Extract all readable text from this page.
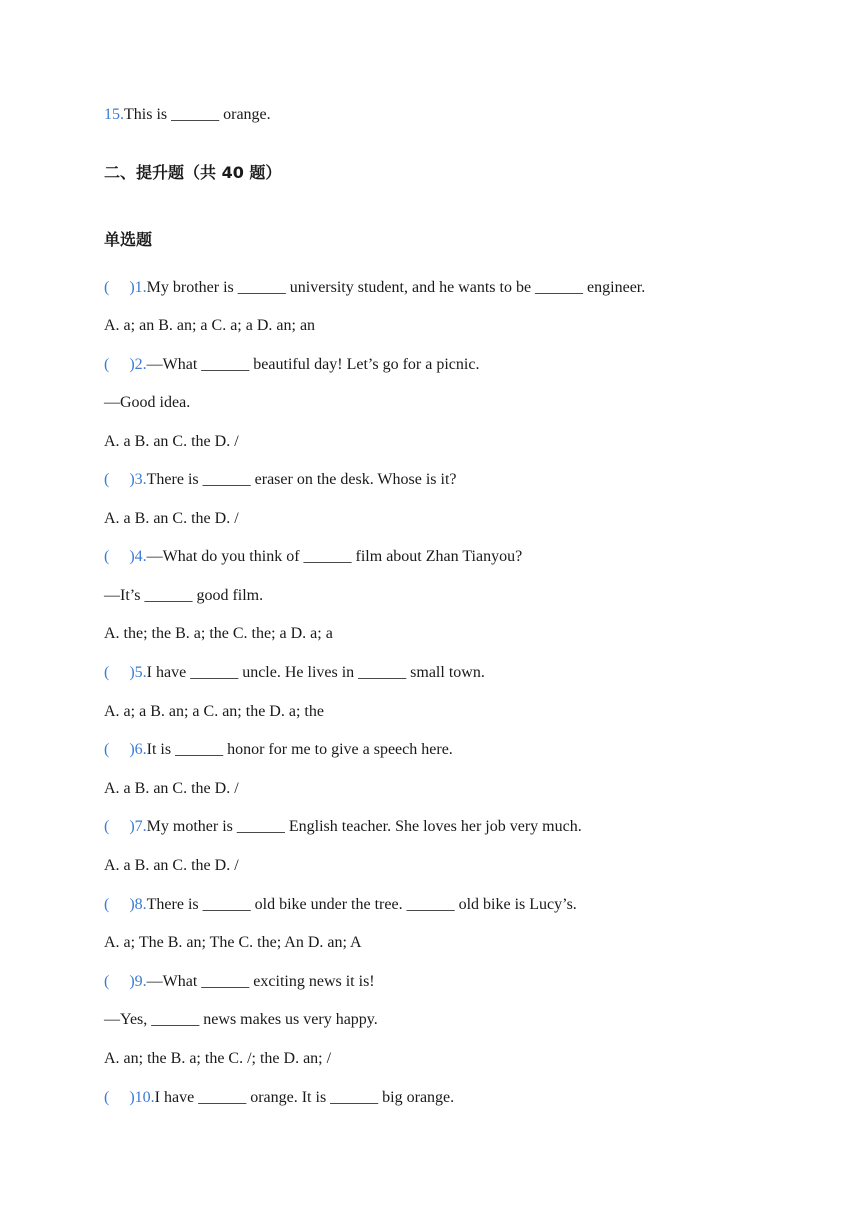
15.This is ______ orange.
二、提升题（共 40 题）
单选题
( )1.My brother is ______ university student, and he wants to be ______ engineer.
A. a; an B. an; a C. a; a D. an; an
( )2.—What ______ beautiful day! Let’s go for a picnic.
—Good idea.
A. a B. an C. the D. /
( )3.There is ______ eraser on the desk. Whose is it?
A. a B. an C. the D. /
( )4.—What do you think of ______ film about Zhan Tianyou?
—It’s ______ good film.
A. the; the B. a; the C. the; a D. a; a
( )5.I have ______ uncle. He lives in ______ small town.
A. a; a B. an; a C. an; the D. a; the
( )6.It is ______ honor for me to give a speech here.
A. a B. an C. the D. /
( )7.My mother is ______ English teacher. She loves her job very much.
A. a B. an C. the D. /
( )8.There is ______ old bike under the tree. ______ old bike is Lucy’s.
A. a; The B. an; The C. the; An D. an; A
( )9.—What ______ exciting news it is!
—Yes, ______ news makes us very happy.
A. an; the B. a; the C. /; the D. an; /
( )10.I have ______ orange. It is ______ big orange.
